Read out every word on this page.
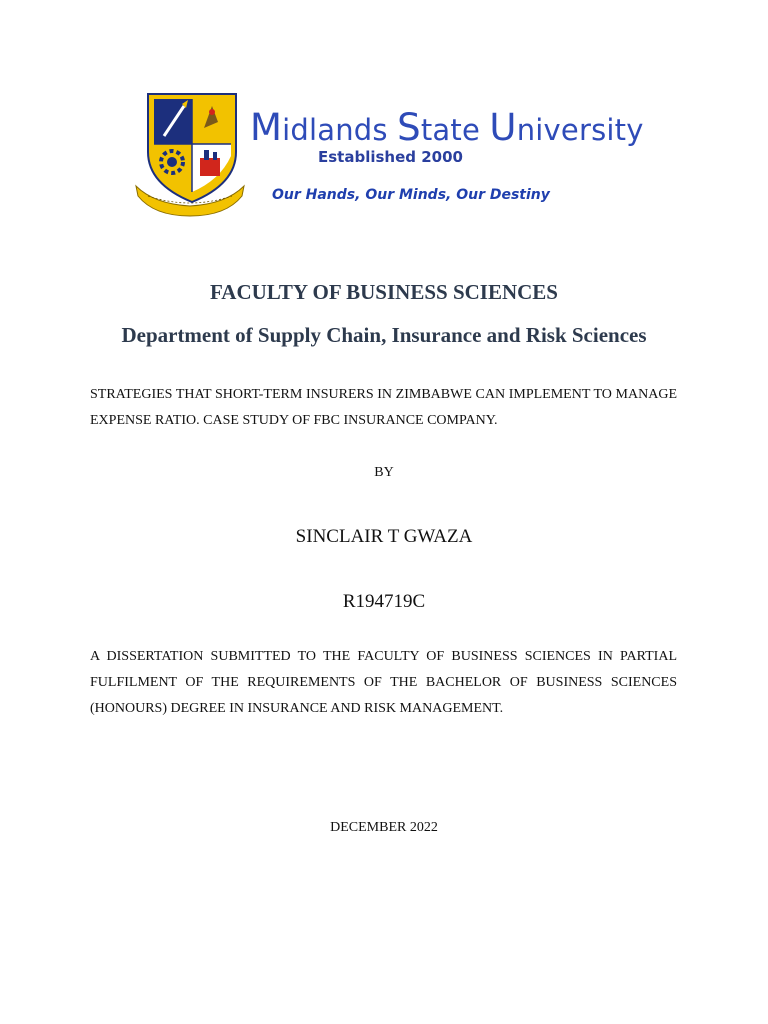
Midlands State University
Established 2000
Our Hands, Our Minds, Our Destiny
FACULTY OF BUSINESS SCIENCES
Department of Supply Chain, Insurance and Risk Sciences
STRATEGIES THAT SHORT-TERM INSURERS IN ZIMBABWE CAN IMPLEMENT TO MANAGE EXPENSE RATIO. CASE STUDY OF FBC INSURANCE COMPANY.
BY
SINCLAIR T GWAZA
R194719C
A DISSERTATION SUBMITTED TO THE FACULTY OF BUSINESS SCIENCES IN PARTIAL FULFILMENT OF THE REQUIREMENTS OF THE BACHELOR OF BUSINESS SCIENCES (HONOURS) DEGREE IN INSURANCE AND RISK MANAGEMENT.
DECEMBER 2022
